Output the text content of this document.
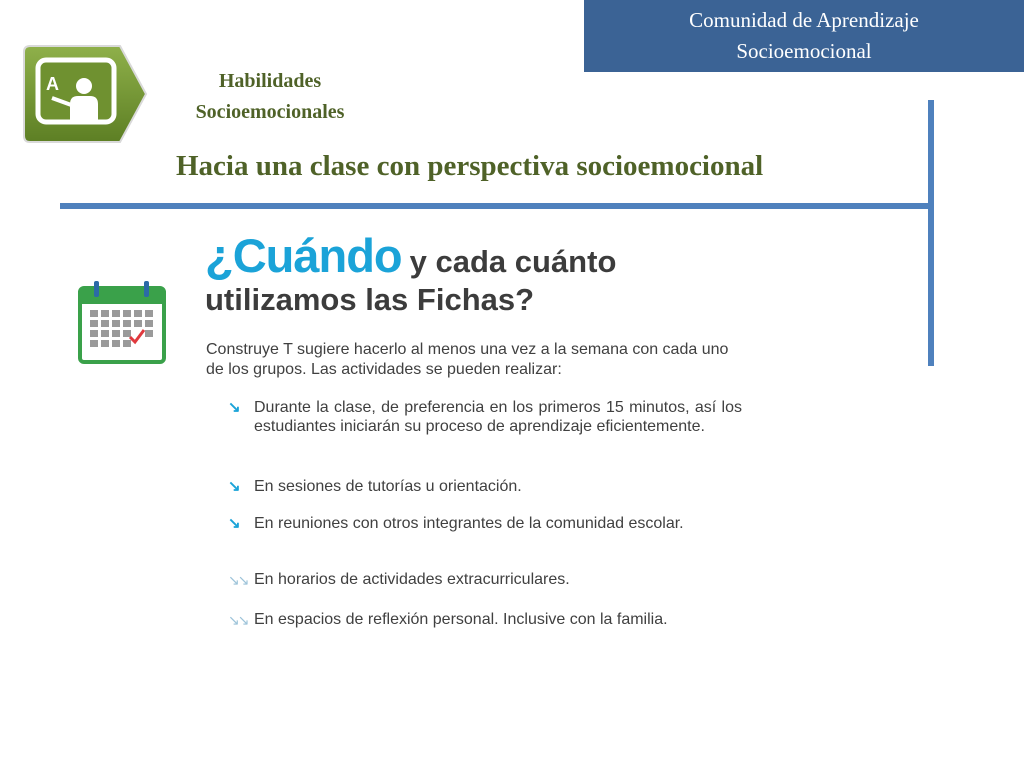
Comunidad de Aprendizaje
Socioemocional
A	Habilidades
Socioemocionales
Hacia una clase con perspectiva socioemocional
¿Cuándo y cada cuánto
utilizamos las Fichas?
Construye T sugiere hacerlo al menos una vez a la semana con cada uno de los grupos. Las actividades se pueden realizar:
↘ Durante la clase, de preferencia en los primeros 15 minutos, así los estudiantes iniciarán su proceso de aprendizaje eficientemente.
↘ En sesiones de tutorías u orientación.
↘ En reuniones con otros integrantes de la comunidad escolar.
↘↘ En horarios de actividades extracurriculares.
↘↘ En espacios de reflexión personal. Inclusive con la familia.
